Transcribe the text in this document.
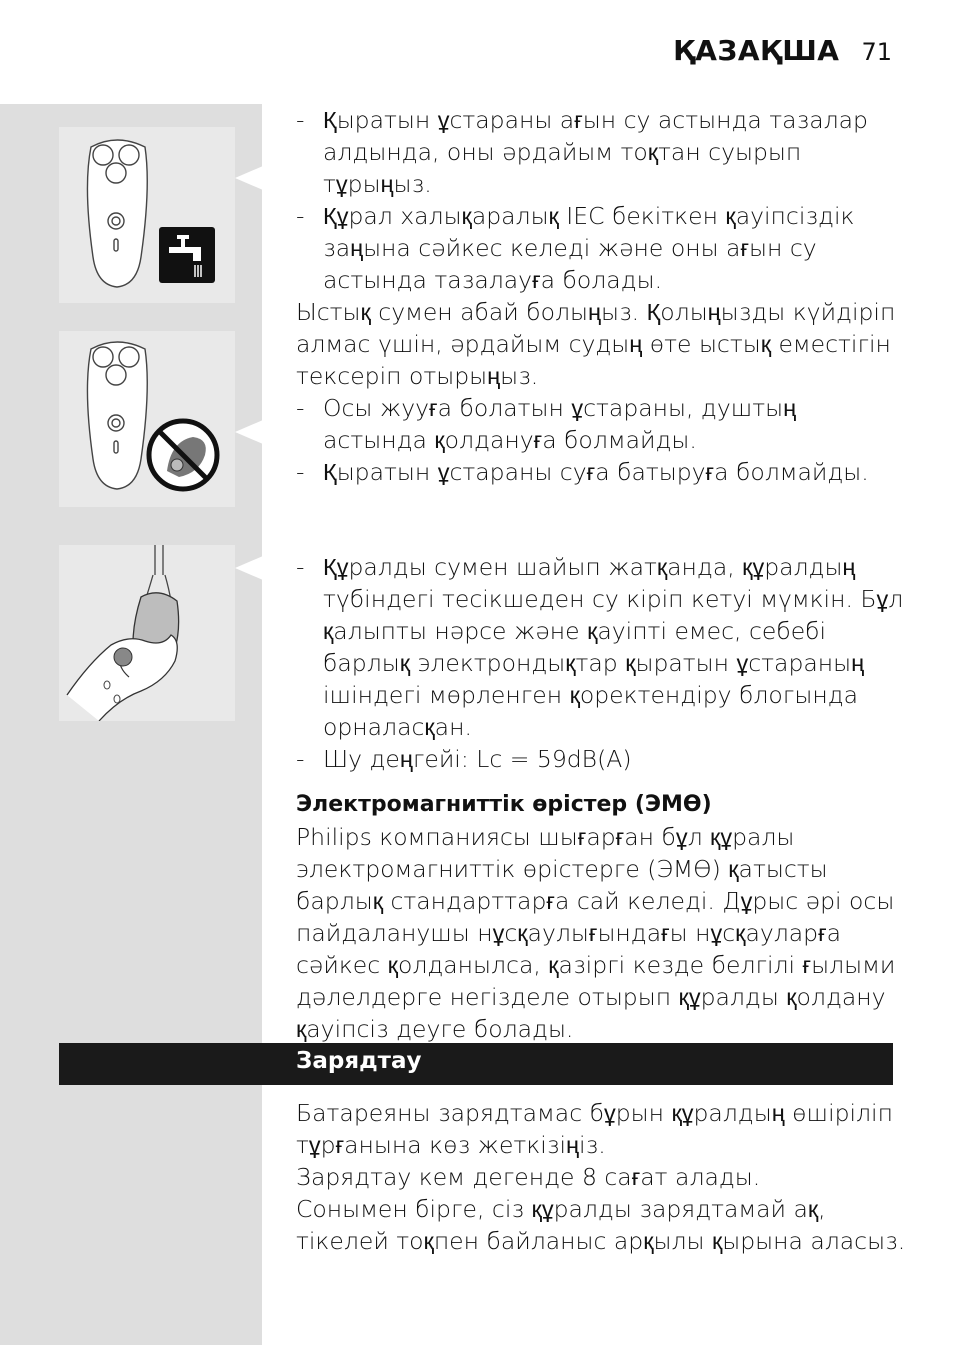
ҚАЗАҚША 71

- Қыратын ұстараны ағын су астында тазалар алдында, оны әрдайым тоқтан суырып тұрыңыз.

- Құрал халықаралық IEC бекіткен қауіпсіздік заңына сәйкес келеді және оны ағын су астында тазалауға болады.

Ыстық сумен абай болыңыз. Қолыңызды күйдіріп алмас үшін, әрдайым судың өте ыстық еместігін тексеріп отырыңыз.

- Осы жууға болатын ұстараны, душтың астында қолдануға болмайды.

- Қыратын ұстараны суға батыруға болмайды.

- Құралды сумен шайып жатқанда, құралдың түбіндегі тесікшеден су кіріп кетуі мүмкін. Бұл қалыпты нәрсе және қауіпті емес, себебі барлық электрондықтар қыратын ұстараның ішіндегі мөрленген қоректендіру блогында орналасқан.

- Шу деңгейі: Lc = 59dB(A)

Электромагниттік өрістер (ЭМӨ)

Philips компаниясы шығарған бұл құралы электромагниттік өрістерге (ЭМӨ) қатысты барлық стандарттарға сай келеді. Дұрыс әрі осы пайдаланушы нұсқаулығындағы нұсқауларға сәйкес қолданылса, қазіргі кезде белгілі ғылыми дәлелдерге негізделе отырып құралды қолдану қауіпсіз деуге болады.

Зарядтау

Батареяны зарядтамас бұрын құралдың өшіріліп тұрғанына көз жеткізіңіз.

Зарядтау кем дегенде 8 сағат алады.

Сонымен бірге, сіз құралды зарядтамай ақ, тікелей тоқпен байланыс арқылы қырына аласыз.
